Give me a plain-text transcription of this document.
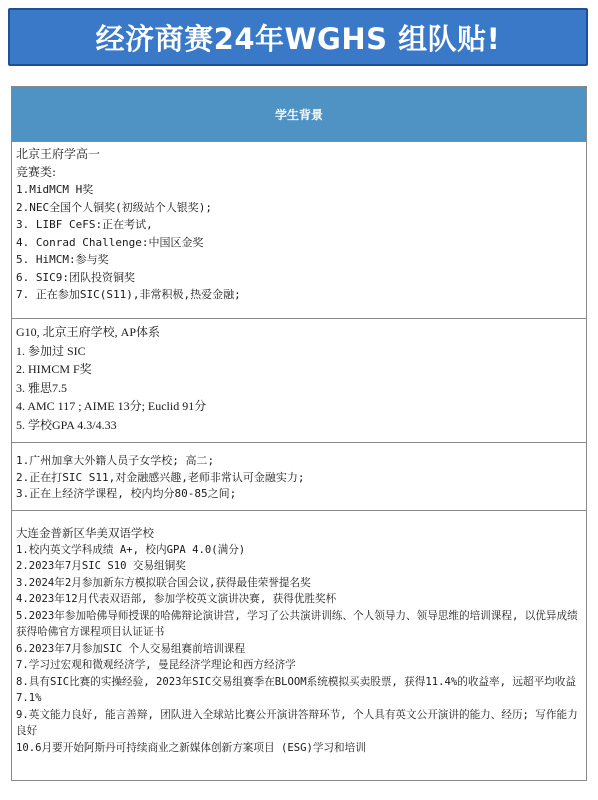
经济商赛24年WGHS 组队贴!
学生背景
北京王府学高一
竞赛类:
1.MidMCM H奖
2.NEC全国个人铜奖(初级站个人银奖);
3. LIBF CeFS:正在考试,
4. Conrad Challenge:中国区金奖
5. HiMCM:参与奖
6. SIC9:团队投资铜奖
7. 正在参加SIC(S11),非常积极,热爱金融;
G10, 北京王府学校, AP体系
1. 参加过 SIC
2. HIMCM F奖
3. 雅思7.5
4. AMC 117 ; AIME 13分; Euclid 91分
5. 学校GPA 4.3/4.33
1.广州加拿大外籍人员子女学校; 高二;
2.正在打SIC S11,对金融感兴趣,老师非常认可金融实力;
3.正在上经济学课程, 校内均分80-85之间;
大连金普新区华美双语学校
1.校内英文学科成绩 A+, 校内GPA 4.0(满分)
2.2023年7月SIC S10 交易组铜奖
3.2024年2月参加新东方模拟联合国会议,获得最佳荣誉提名奖
4.2023年12月代表双语部, 参加学校英文演讲决赛, 获得优胜奖杯
5.2023年参加哈佛导师授课的哈佛辩论演讲营, 学习了公共演讲训练、个人领导力、领导思维的培训课程, 以优异成绩获得哈佛官方课程项目认证证书
6.2023年7月参加SIC 个人交易组赛前培训课程
7.学习过宏观和微观经济学, 曼昆经济学理论和西方经济学
8.具有SIC比赛的实操经验, 2023年SIC交易组赛季在BLOOM系统模拟买卖股票, 获得11.4%的收益率, 远超平均收益7.1%
9.英文能力良好, 能言善辩, 团队进入全球站比赛公开演讲答辩环节, 个人具有英文公开演讲的能力、经历; 写作能力良好
10.6月要开始阿斯丹可持续商业之新媒体创新方案项目 (ESG)学习和培训
